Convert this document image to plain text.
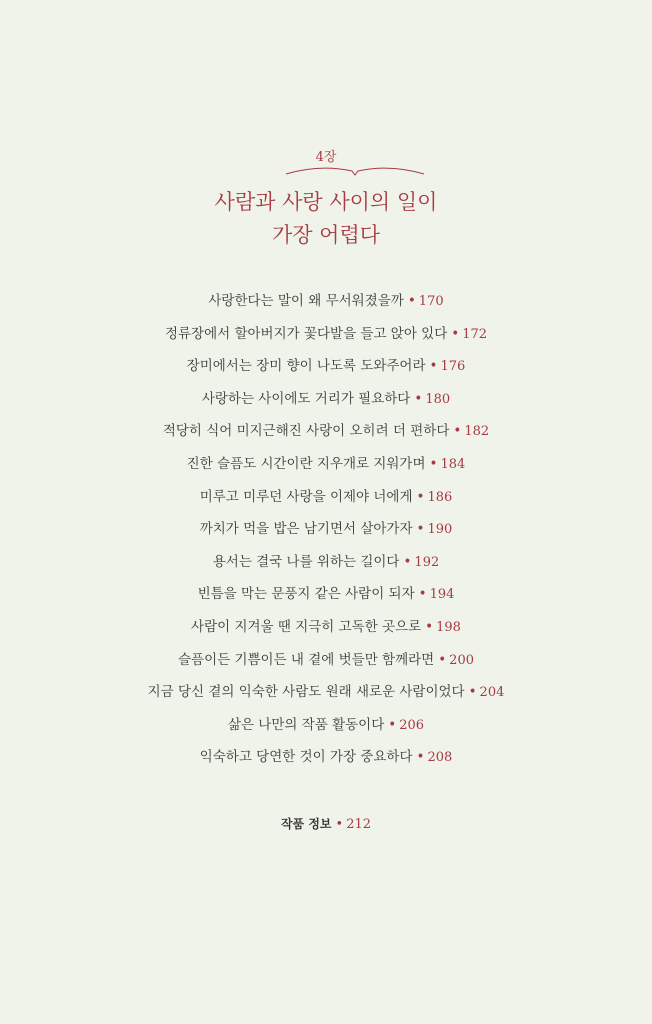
4장
사람과 사랑 사이의 일이
가장 어렵다
사랑한다는 말이 왜 무서워졌을까 • 170
정류장에서 할아버지가 꽃다발을 들고 앉아 있다 • 172
장미에서는 장미 향이 나도록 도와주어라 • 176
사랑하는 사이에도 거리가 필요하다 • 180
적당히 식어 미지근해진 사랑이 오히려 더 편하다 • 182
진한 슬픔도 시간이란 지우개로 지워가며 • 184
미루고 미루던 사랑을 이제야 너에게 • 186
까치가 먹을 밥은 남기면서 살아가자 • 190
용서는 결국 나를 위하는 길이다 • 192
빈틈을 막는 문풍지 같은 사람이 되자 • 194
사람이 지겨울 땐 지극히 고독한 곳으로 • 198
슬픔이든 기쁨이든 내 곁에 벗들만 함께라면 • 200
지금 당신 곁의 익숙한 사람도 원래 새로운 사람이었다 • 204
삶은 나만의 작품 활동이다 • 206
익숙하고 당연한 것이 가장 중요하다 • 208
작품 정보 • 212
